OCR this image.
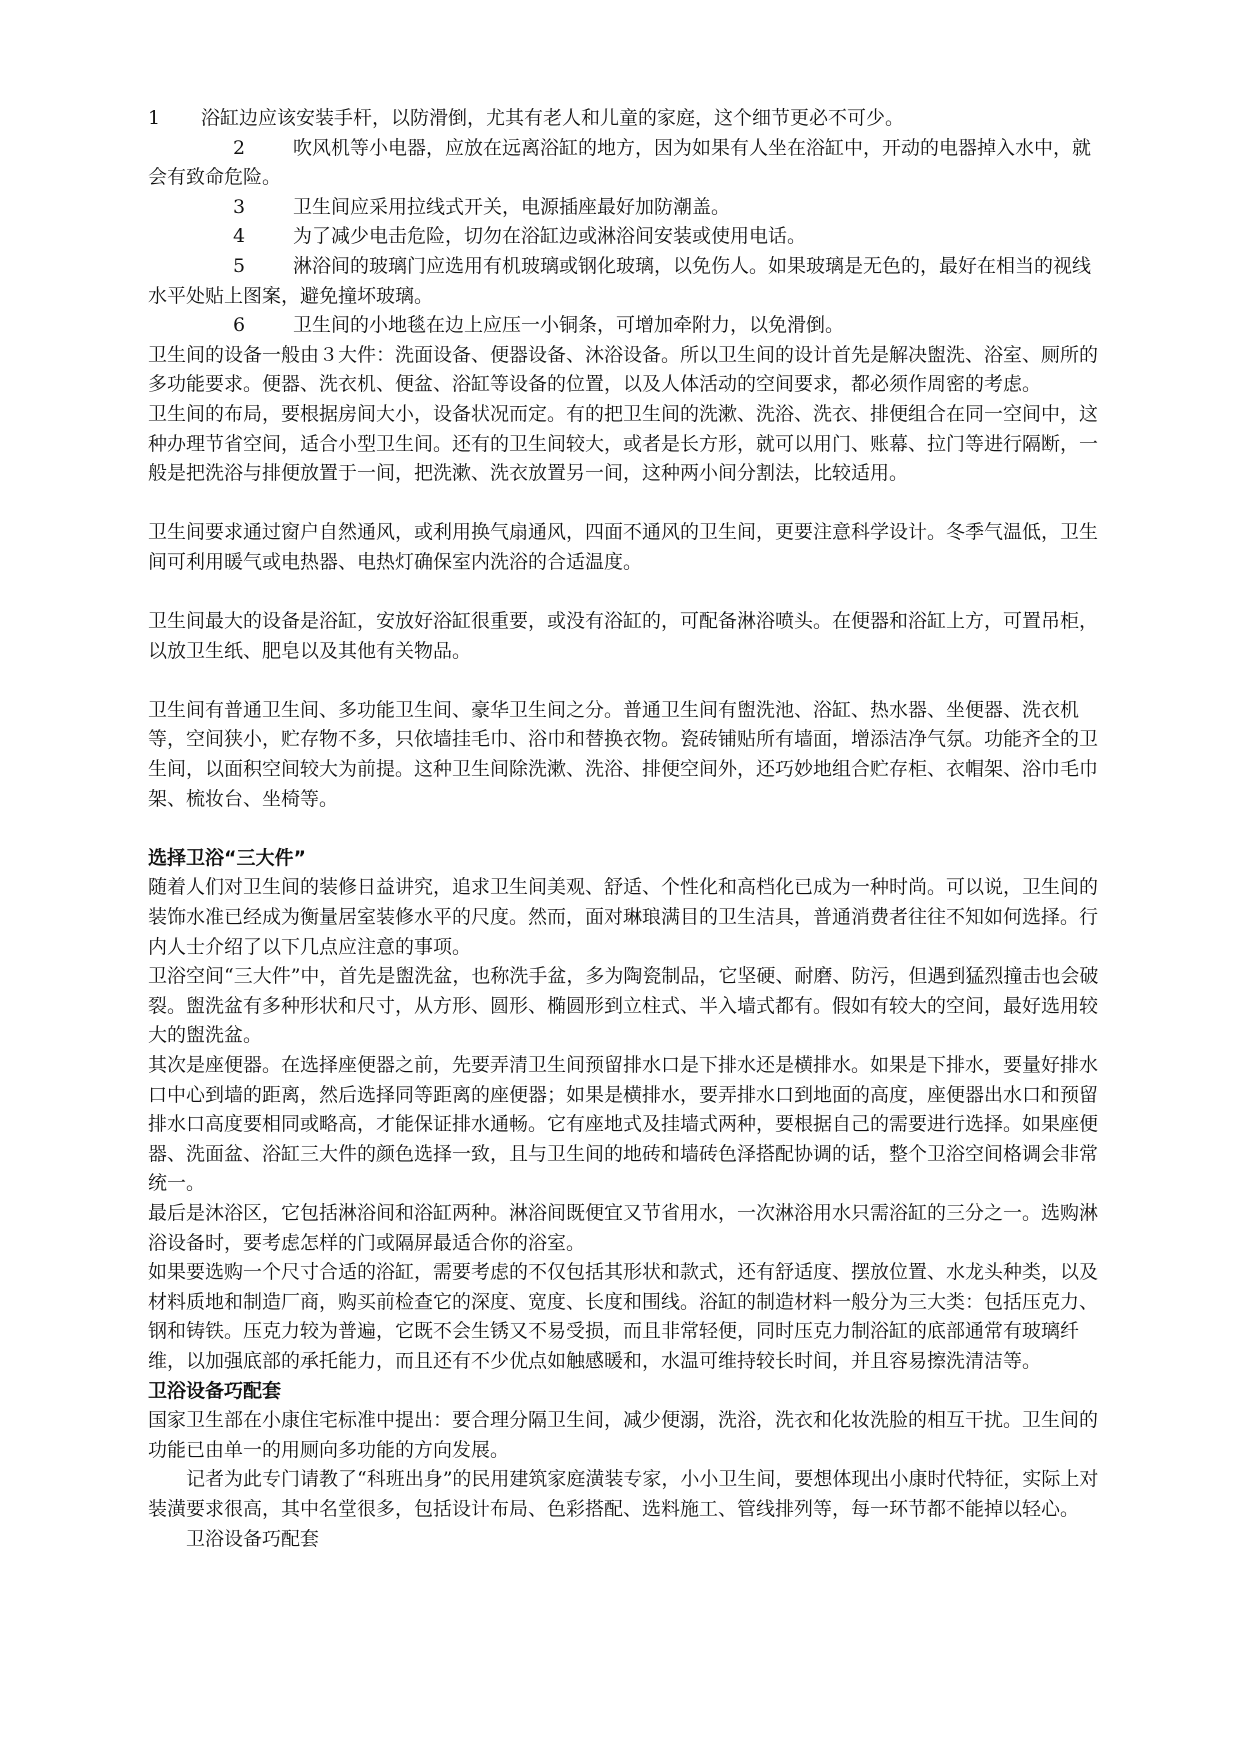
1 浴缸边应该安装手杆，以防滑倒，尤其有老人和儿童的家庭，这个细节更必不可少。

2	吹风机等小电器，应放在远离浴缸的地方，因为如果有人坐在浴缸中，开动的电器掉入水中，就会有致命危险。

3	卫生间应采用拉线式开关，电源插座最好加防潮盖。

4	为了减少电击危险，切勿在浴缸边或淋浴间安装或使用电话。

5	淋浴间的玻璃门应选用有机玻璃或钢化玻璃，以免伤人。如果玻璃是无色的，最好在相当的视线水平处贴上图案，避免撞坏玻璃。

6	卫生间的小地毯在边上应压一小铜条，可增加牵附力，以免滑倒。

卫生间的设备一般由３大件：洗面设备、便器设备、沐浴设备。所以卫生间的设计首先是解决盥洗、浴室、厕所的多功能要求。便器、洗衣机、便盆、浴缸等设备的位置，以及人体活动的空间要求，都必须作周密的考虑。

卫生间的布局，要根据房间大小，设备状况而定。有的把卫生间的洗漱、洗浴、洗衣、排便组合在同一空间中，这种办理节省空间，适合小型卫生间。还有的卫生间较大，或者是长方形，就可以用门、账幕、拉门等进行隔断，一般是把洗浴与排便放置于一间，把洗漱、洗衣放置另一间，这种两小间分割法，比较适用。

卫生间要求通过窗户自然通风，或利用换气扇通风，四面不通风的卫生间，更要注意科学设计。冬季气温低，卫生间可利用暖气或电热器、电热灯确保室内洗浴的合适温度。

卫生间最大的设备是浴缸，安放好浴缸很重要，或没有浴缸的，可配备淋浴喷头。在便器和浴缸上方，可置吊柜，以放卫生纸、肥皂以及其他有关物品。

卫生间有普通卫生间、多功能卫生间、豪华卫生间之分。普通卫生间有盥洗池、浴缸、热水器、坐便器、洗衣机等，空间狭小，贮存物不多，只依墙挂毛巾、浴巾和替换衣物。瓷砖铺贴所有墙面，增添洁净气氛。功能齐全的卫生间，以面积空间较大为前提。这种卫生间除洗漱、洗浴、排便空间外，还巧妙地组合贮存柜、衣帽架、浴巾毛巾架、梳妆台、坐椅等。

选择卫浴“三大件”

随着人们对卫生间的装修日益讲究，追求卫生间美观、舒适、个性化和高档化已成为一种时尚。可以说，卫生间的装饰水准已经成为衡量居室装修水平的尺度。然而，面对琳琅满目的卫生洁具，普通消费者往往不知如何选择。行内人士介绍了以下几点应注意的事项。

卫浴空间“三大件”中，首先是盥洗盆，也称洗手盆，多为陶瓷制品，它坚硬、耐磨、防污，但遇到猛烈撞击也会破裂。盥洗盆有多种形状和尺寸，从方形、圆形、椭圆形到立柱式、半入墙式都有。假如有较大的空间，最好选用较大的盥洗盆。

其次是座便器。在选择座便器之前，先要弄清卫生间预留排水口是下排水还是横排水。如果是下排水，要量好排水口中心到墙的距离，然后选择同等距离的座便器；如果是横排水，要弄排水口到地面的高度，座便器出水口和预留排水口高度要相同或略高，才能保证排水通畅。它有座地式及挂墙式两种，要根据自己的需要进行选择。如果座便器、洗面盆、浴缸三大件的颜色选择一致，且与卫生间的地砖和墙砖色泽搭配协调的话，整个卫浴空间格调会非常统一。

最后是沐浴区，它包括淋浴间和浴缸两种。淋浴间既便宜又节省用水，一次淋浴用水只需浴缸的三分之一。选购淋浴设备时，要考虑怎样的门或隔屏最适合你的浴室。

如果要选购一个尺寸合适的浴缸，需要考虑的不仅包括其形状和款式，还有舒适度、摆放位置、水龙头种类，以及材料质地和制造厂商，购买前检查它的深度、宽度、长度和围线。浴缸的制造材料一般分为三大类：包括压克力、钢和铸铁。压克力较为普遍，它既不会生锈又不易受损，而且非常轻便，同时压克力制浴缸的底部通常有玻璃纤维，以加强底部的承托能力，而且还有不少优点如触感暖和，水温可维持较长时间，并且容易擦洗清洁等。

卫浴设备巧配套

国家卫生部在小康住宅标准中提出：要合理分隔卫生间，减少便溺，洗浴，洗衣和化妆洗脸的相互干扰。卫生间的功能已由单一的用厕向多功能的方向发展。

记者为此专门请教了“科班出身”的民用建筑家庭潢装专家，小小卫生间，要想体现出小康时代特征，实际上对装潢要求很高，其中名堂很多，包括设计布局、色彩搭配、选料施工、管线排列等，每一环节都不能掉以轻心。

卫浴设备巧配套
